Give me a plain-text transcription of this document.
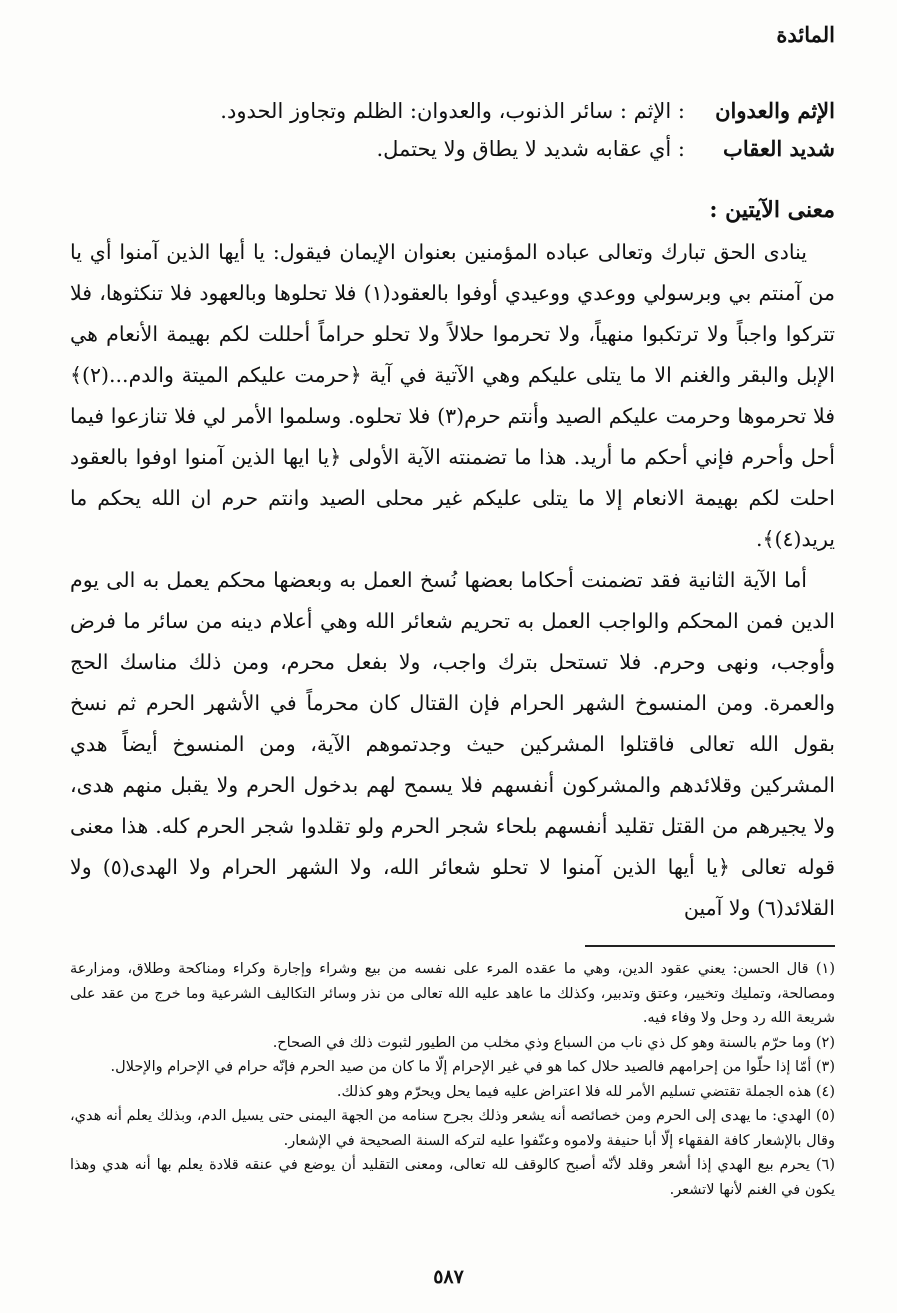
المائدة
الإثم والعدوان
: الإثم : سائر الذنوب، والعدوان: الظلم وتجاوز الحدود.
شديد العقاب
: أي عقابه شديد لا يطاق ولا يحتمل.
معنى الآيتين :

ينادى الحق تبارك وتعالى عباده المؤمنين بعنوان الإيمان فيقول: يا أيها الذين آمنوا أي يا من آمنتم بي وبرسولي ووعدي ووعيدي أوفوا بالعقود(١) فلا تحلوها وبالعهود فلا تنكثوها، فلا تتركوا واجباً ولا ترتكبوا منهياً، ولا تحرموا حلالاً ولا تحلو حراماً أحللت لكم بهيمة الأنعام هي الإبل والبقر والغنم الا ما يتلى عليكم وهي الآتية في آية ﴿حرمت عليكم الميتة والدم...(٢)﴾ فلا تحرموها وحرمت عليكم الصيد وأنتم حرم(٣) فلا تحلوه. وسلموا الأمر لي فلا تنازعوا فيما أحل وأحرم فإني أحكم ما أريد. هذا ما تضمنته الآية الأولى ﴿يا ايها الذين آمنوا اوفوا بالعقود احلت لكم بهيمة الانعام إلا ما يتلى عليكم غير محلى الصيد وانتم حرم ان الله يحكم ما يريد(٤)﴾.

أما الآية الثانية فقد تضمنت أحكاما بعضها نُسخ العمل به وبعضها محكم يعمل به الى يوم الدين فمن المحكم والواجب العمل به تحريم شعائر الله وهي أعلام دينه من سائر ما فرض وأوجب، ونهى وحرم. فلا تستحل بترك واجب، ولا بفعل محرم، ومن ذلك مناسك الحج والعمرة. ومن المنسوخ الشهر الحرام فإن القتال كان محرماً في الأشهر الحرم ثم نسخ بقول الله تعالى فاقتلوا المشركين حيث وجدتموهم الآية، ومن المنسوخ أيضاً هدي المشركين وقلائدهم والمشركون أنفسهم فلا يسمح لهم بدخول الحرم ولا يقبل منهم هدى، ولا يجيرهم من القتل تقليد أنفسهم بلحاء شجر الحرم ولو تقلدوا شجر الحرم كله. هذا معنى قوله تعالى ﴿يا أيها الذين آمنوا لا تحلو شعائر الله، ولا الشهر الحرام ولا الهدى(٥) ولا القلائد(٦) ولا آمين

(١) قال الحسن: يعني عقود الدين، وهي ما عقده المرء على نفسه من بيع وشراء وإجارة وكراء ومناكحة وطلاق، ومزارعة ومصالحة، وتمليك وتخيير، وعتق وتدبير، وكذلك ما عاهد عليه الله تعالى من نذر وسائر التكاليف الشرعية وما خرج من عقد على شريعة الله رد وحل ولا وفاء فيه.

(٢) وما حرّم بالسنة وهو كل ذي ناب من السباع وذي مخلب من الطيور لثبوت ذلك في الصحاح.

(٣) أمّا إذا حلّوا من إحرامهم فالصيد حلال كما هو في غير الإحرام إلّا ما كان من صيد الحرم فإنّه حرام في الإحرام والإحلال.

(٤) هذه الجملة تقتضي تسليم الأمر لله فلا اعتراض عليه فيما يحل ويحرّم وهو كذلك.

(٥) الهدي: ما يهدى إلى الحرم ومن خصائصه أنه يشعر وذلك بجرح سنامه من الجهة اليمنى حتى يسيل الدم، وبذلك يعلم أنه هدي، وقال بالإشعار كافة الفقهاء إلّا أبا حنيفة ولاموه وعنّفوا عليه لتركه السنة الصحيحة في الإشعار.

(٦) يحرم بيع الهدي إذا أشعر وقلد لأنّه أصبح كالوقف لله تعالى، ومعنى التقليد أن يوضع في عنقه قلادة يعلم بها أنه هدي وهذا يكون في الغنم لأنها لاتشعر.

٥٨٧
